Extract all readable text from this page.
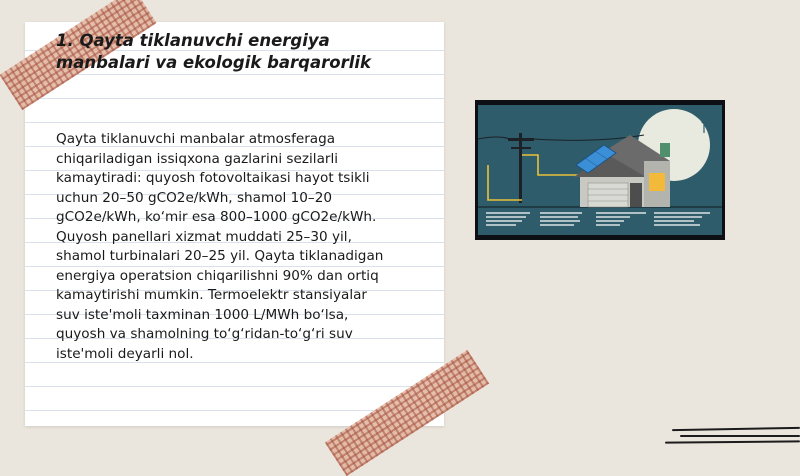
1. Qayta tiklanuvchi energiya manbalari va ekologik barqarorlik

Qayta tiklanuvchi manbalar atmosferaga chiqariladigan issiqxona gazlarini sezilarli kamaytiradi: quyosh fotovoltaikasi hayot tsikli uchun 20–50 gCO2e/kWh, shamol 10–20 gCO2e/kWh, ko‘mir esa 800–1000 gCO2e/kWh. Quyosh panellari xizmat muddati 25–30 yil, shamol turbinalari 20–25 yil. Qayta tiklanadigan energiya operatsion chiqarilishni 90% dan ortiq kamaytirishi mumkin. Termoelektr stansiyalar suv iste'moli taxminan 1000 L/MWh bo‘lsa, quyosh va shamolning to‘g‘ridan-to‘g‘ri suv iste'moli deyarli nol.
